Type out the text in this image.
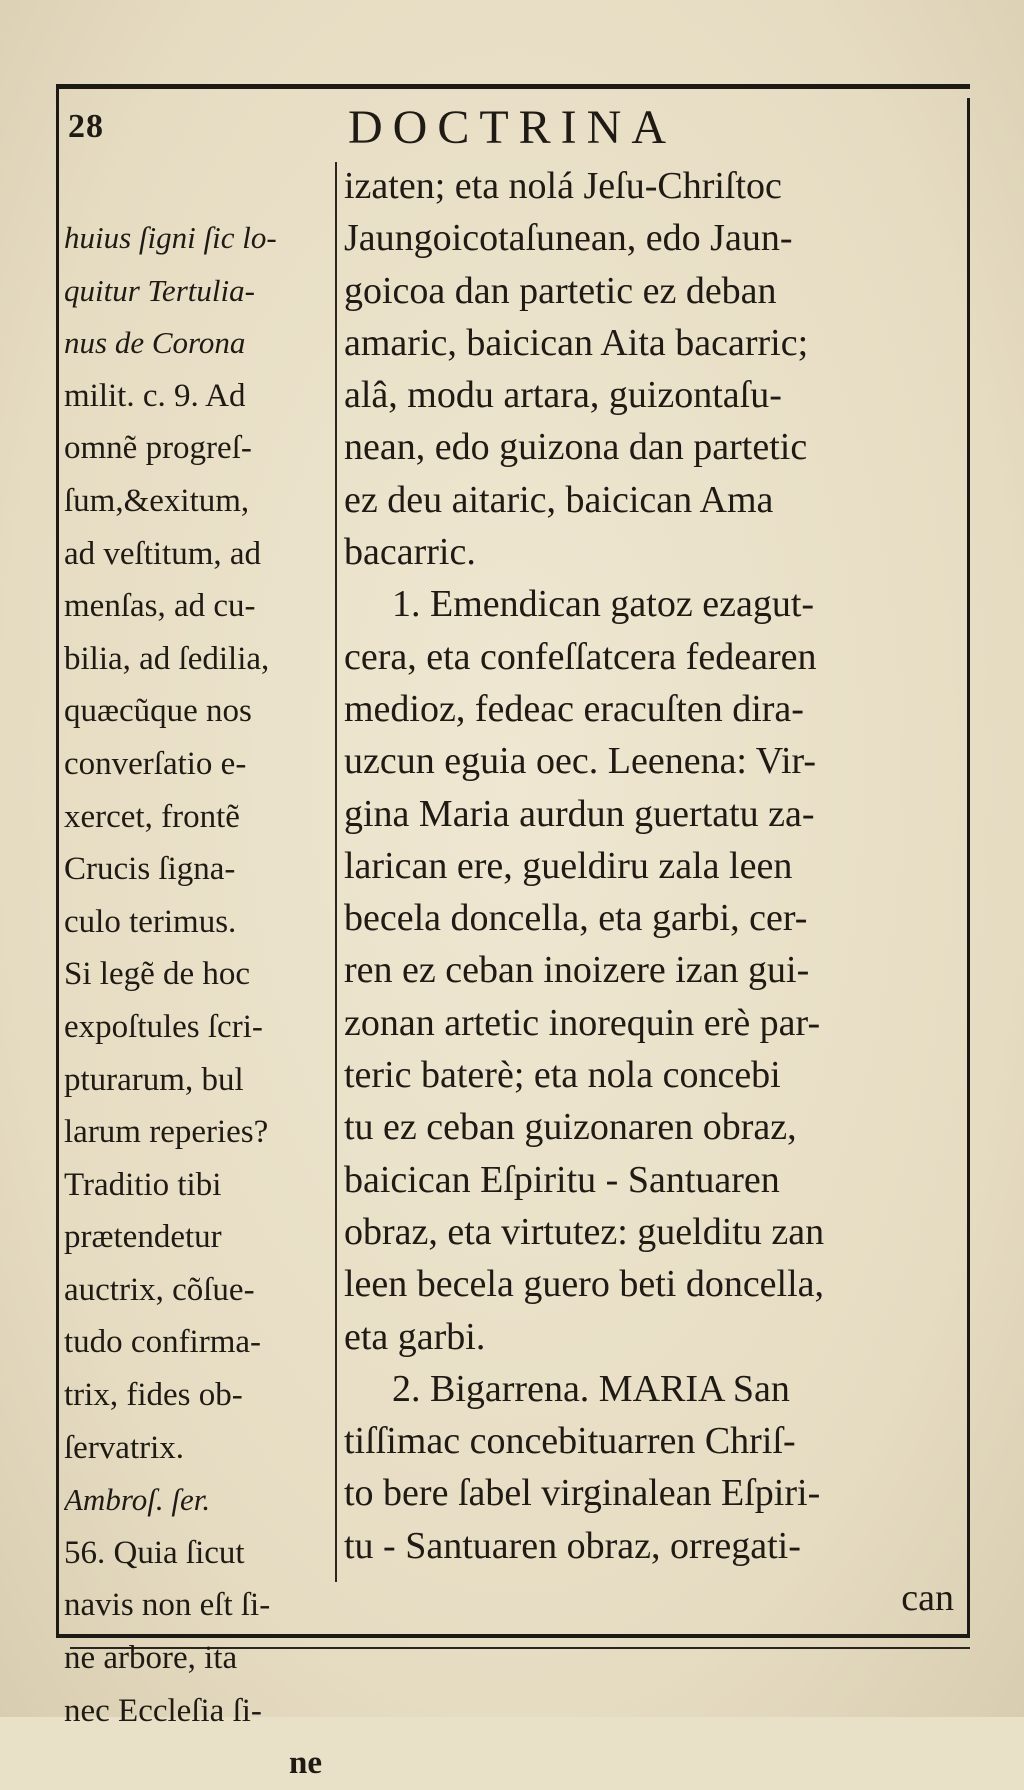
28	DOCTRINA
huius ſigni ſic lo-
quitur Tertulia-
nus de Corona
milit. c. 9. Ad
omnẽ progreſ-
ſum,&exitum,
ad veſtitum, ad
menſas, ad cu-
bilia, ad ſedilia,
quæcũque nos
converſatio e-
xercet, frontẽ
Crucis ſigna-
culo terimus.
Si legẽ de hoc
expoſtules ſcri-
pturarum, bul
larum reperies?
Traditio tibi
prætendetur
auctrix, cõſue-
tudo confirma-
trix, fides ob-
ſervatrix.
Ambroſ. ſer.
56. Quia ſicut
navis non eſt ſi-
ne arbore, ita
nec Eccleſia ſi-
ne
izaten; eta nolá Jeſu-Chriſtoc
Jaungoicotaſunean, edo Jaun-
goicoa dan partetic ez deban
amaric, baicican Aita bacarric;
alâ, modu artara, guizontaſu-
nean, edo guizona dan partetic
ez deu aitaric, baicican Ama
bacarric.
1. Emendican gatoz ezagut-
cera, eta confeſſatcera fedearen
medioz, fedeac eracuſten dira-
uzcun eguia oec. Leenena: Vir-
gina Maria aurdun guertatu za-
larican ere, gueldiru zala leen
becela doncella, eta garbi, cer-
ren ez ceban inoizere izan gui-
zonan artetic inorequin erè par-
teric baterè; eta nola concebi
tu ez ceban guizonaren obraz,
baicican Eſpiritu - Santuaren
obraz, eta virtutez: guelditu zan
leen becela guero beti doncella,
eta garbi.
2. Bigarrena. MARIA San
tiſſimac concebituarren Chriſ-
to bere ſabel virginalean Eſpiri-
tu - Santuaren obraz, orregati-
can
